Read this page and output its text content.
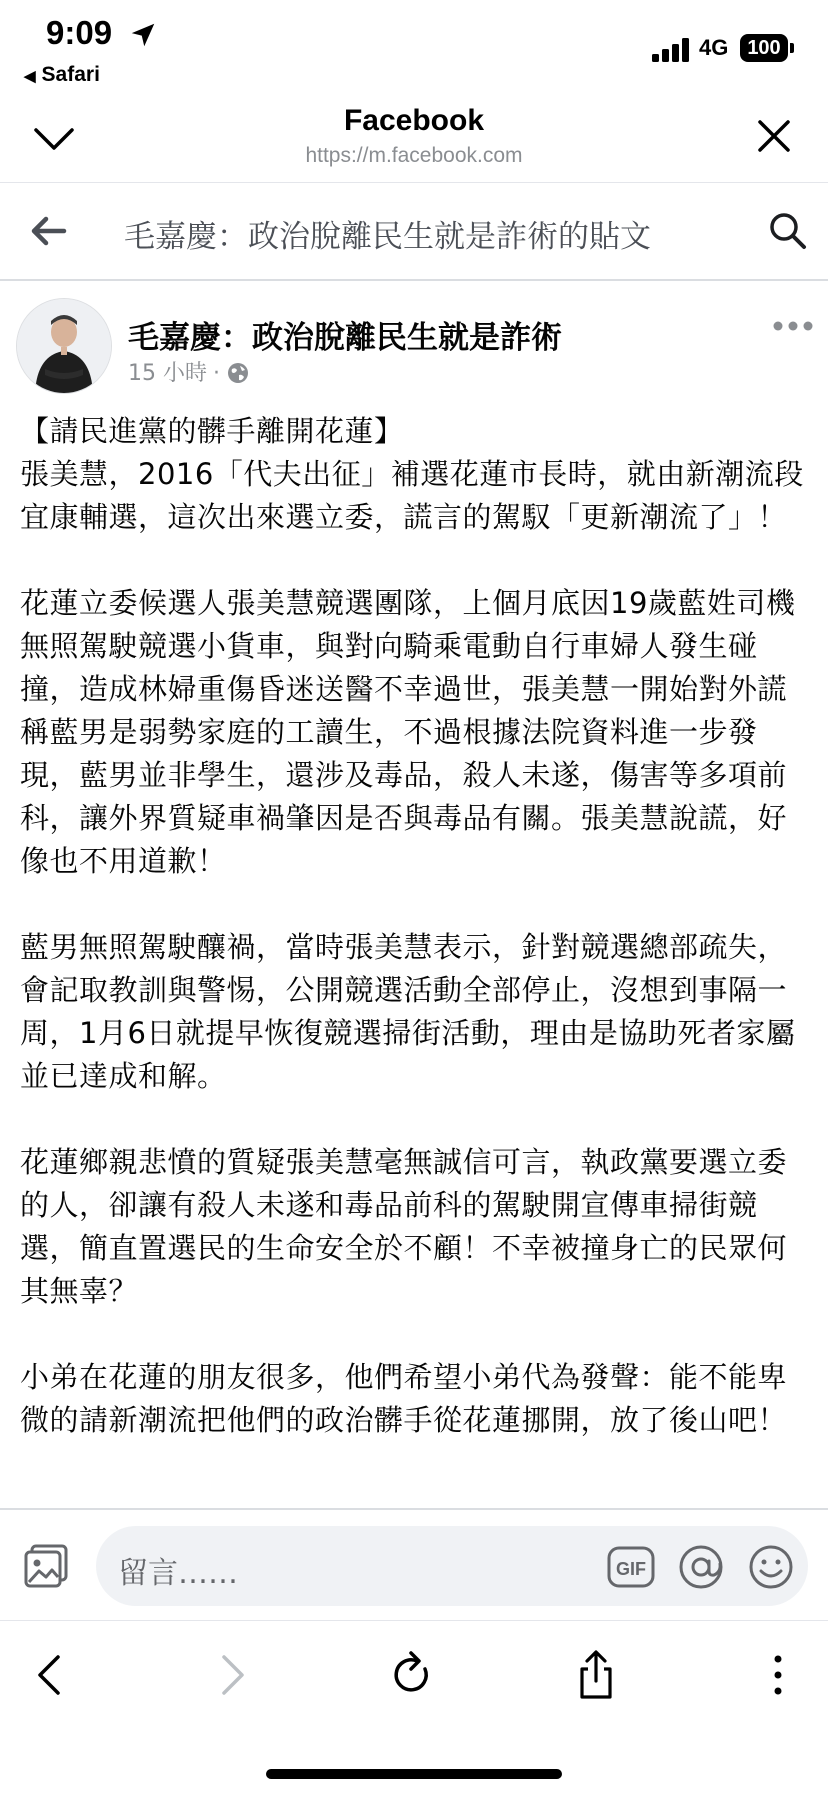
9:09
◀ Safari
4G 100
Facebook
https://m.facebook.com
毛嘉慶：政治脫離民生就是詐術的貼文
毛嘉慶：政治脫離民生就是詐術
15 小時 ·

【請民進黨的髒手離開花蓮】
張美慧，2016「代夫出征」補選花蓮市長時，就由新潮流段宜康輔選，這次出來選立委，謊言的駕馭「更新潮流了」！

花蓮立委候選人張美慧競選團隊，上個月底因19歲藍姓司機無照駕駛競選小貨車，與對向騎乘電動自行車婦人發生碰撞，造成林婦重傷昏迷送醫不幸過世，張美慧一開始對外謊稱藍男是弱勢家庭的工讀生，不過根據法院資料進一步發現，藍男並非學生，還涉及毒品，殺人未遂，傷害等多項前科，讓外界質疑車禍肇因是否與毒品有關。張美慧說謊，好像也不用道歉！

藍男無照駕駛釀禍，當時張美慧表示，針對競選總部疏失，會記取教訓與警惕，公開競選活動全部停止，沒想到事隔一周，1月6日就提早恢復競選掃街活動，理由是協助死者家屬並已達成和解。

花蓮鄉親悲憤的質疑張美慧毫無誠信可言，執政黨要選立委的人，卻讓有殺人未遂和毒品前科的駕駛開宣傳車掃街競選，簡直置選民的生命安全於不顧！不幸被撞身亡的民眾何其無辜？

小弟在花蓮的朋友很多，他們希望小弟代為發聲：能不能卑微的請新潮流把他們的政治髒手從花蓮挪開，放了後山吧！

留言……	GIF
